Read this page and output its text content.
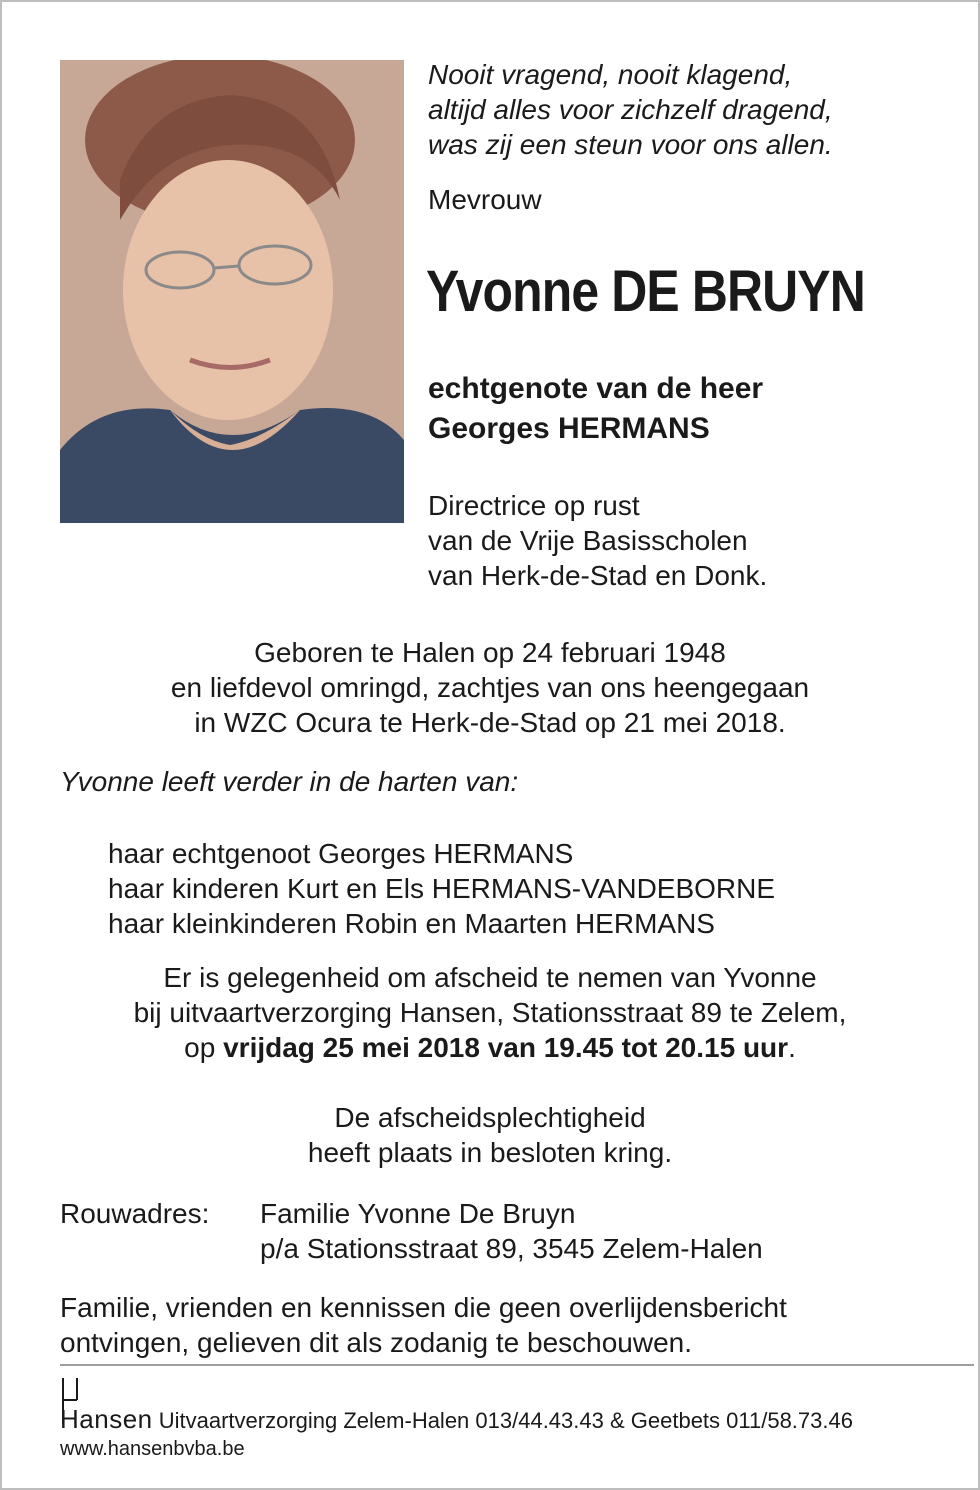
Nooit vragend, nooit klagend,
altijd alles voor zichzelf dragend,
was zij een steun voor ons allen.
Mevrouw
Yvonne DE BRUYN
echtgenote van de heer
Georges HERMANS
Directrice op rust
van de Vrije Basisscholen
van Herk-de-Stad en Donk.
Geboren te Halen op 24 februari 1948
en liefdevol omringd, zachtjes van ons heengegaan
in WZC Ocura te Herk-de-Stad op 21 mei 2018.
Yvonne leeft verder in de harten van:
haar echtgenoot Georges HERMANS
haar kinderen Kurt en Els HERMANS-VANDEBORNE
haar kleinkinderen Robin en Maarten HERMANS
Er is gelegenheid om afscheid te nemen van Yvonne
bij uitvaartverzorging Hansen, Stationsstraat 89 te Zelem,
op vrijdag 25 mei 2018 van 19.45 tot 20.15 uur.
De afscheidsplechtigheid
heeft plaats in besloten kring.
Rouwadres: Familie Yvonne De Bruyn
p/a Stationsstraat 89, 3545 Zelem-Halen
Familie, vrienden en kennissen die geen overlijdensbericht
ontvingen, gelieven dit als zodanig te beschouwen.
Hansen Uitvaartverzorging Zelem-Halen 013/44.43.43 & Geetbets 011/58.73.46
www.hansenbvba.be
